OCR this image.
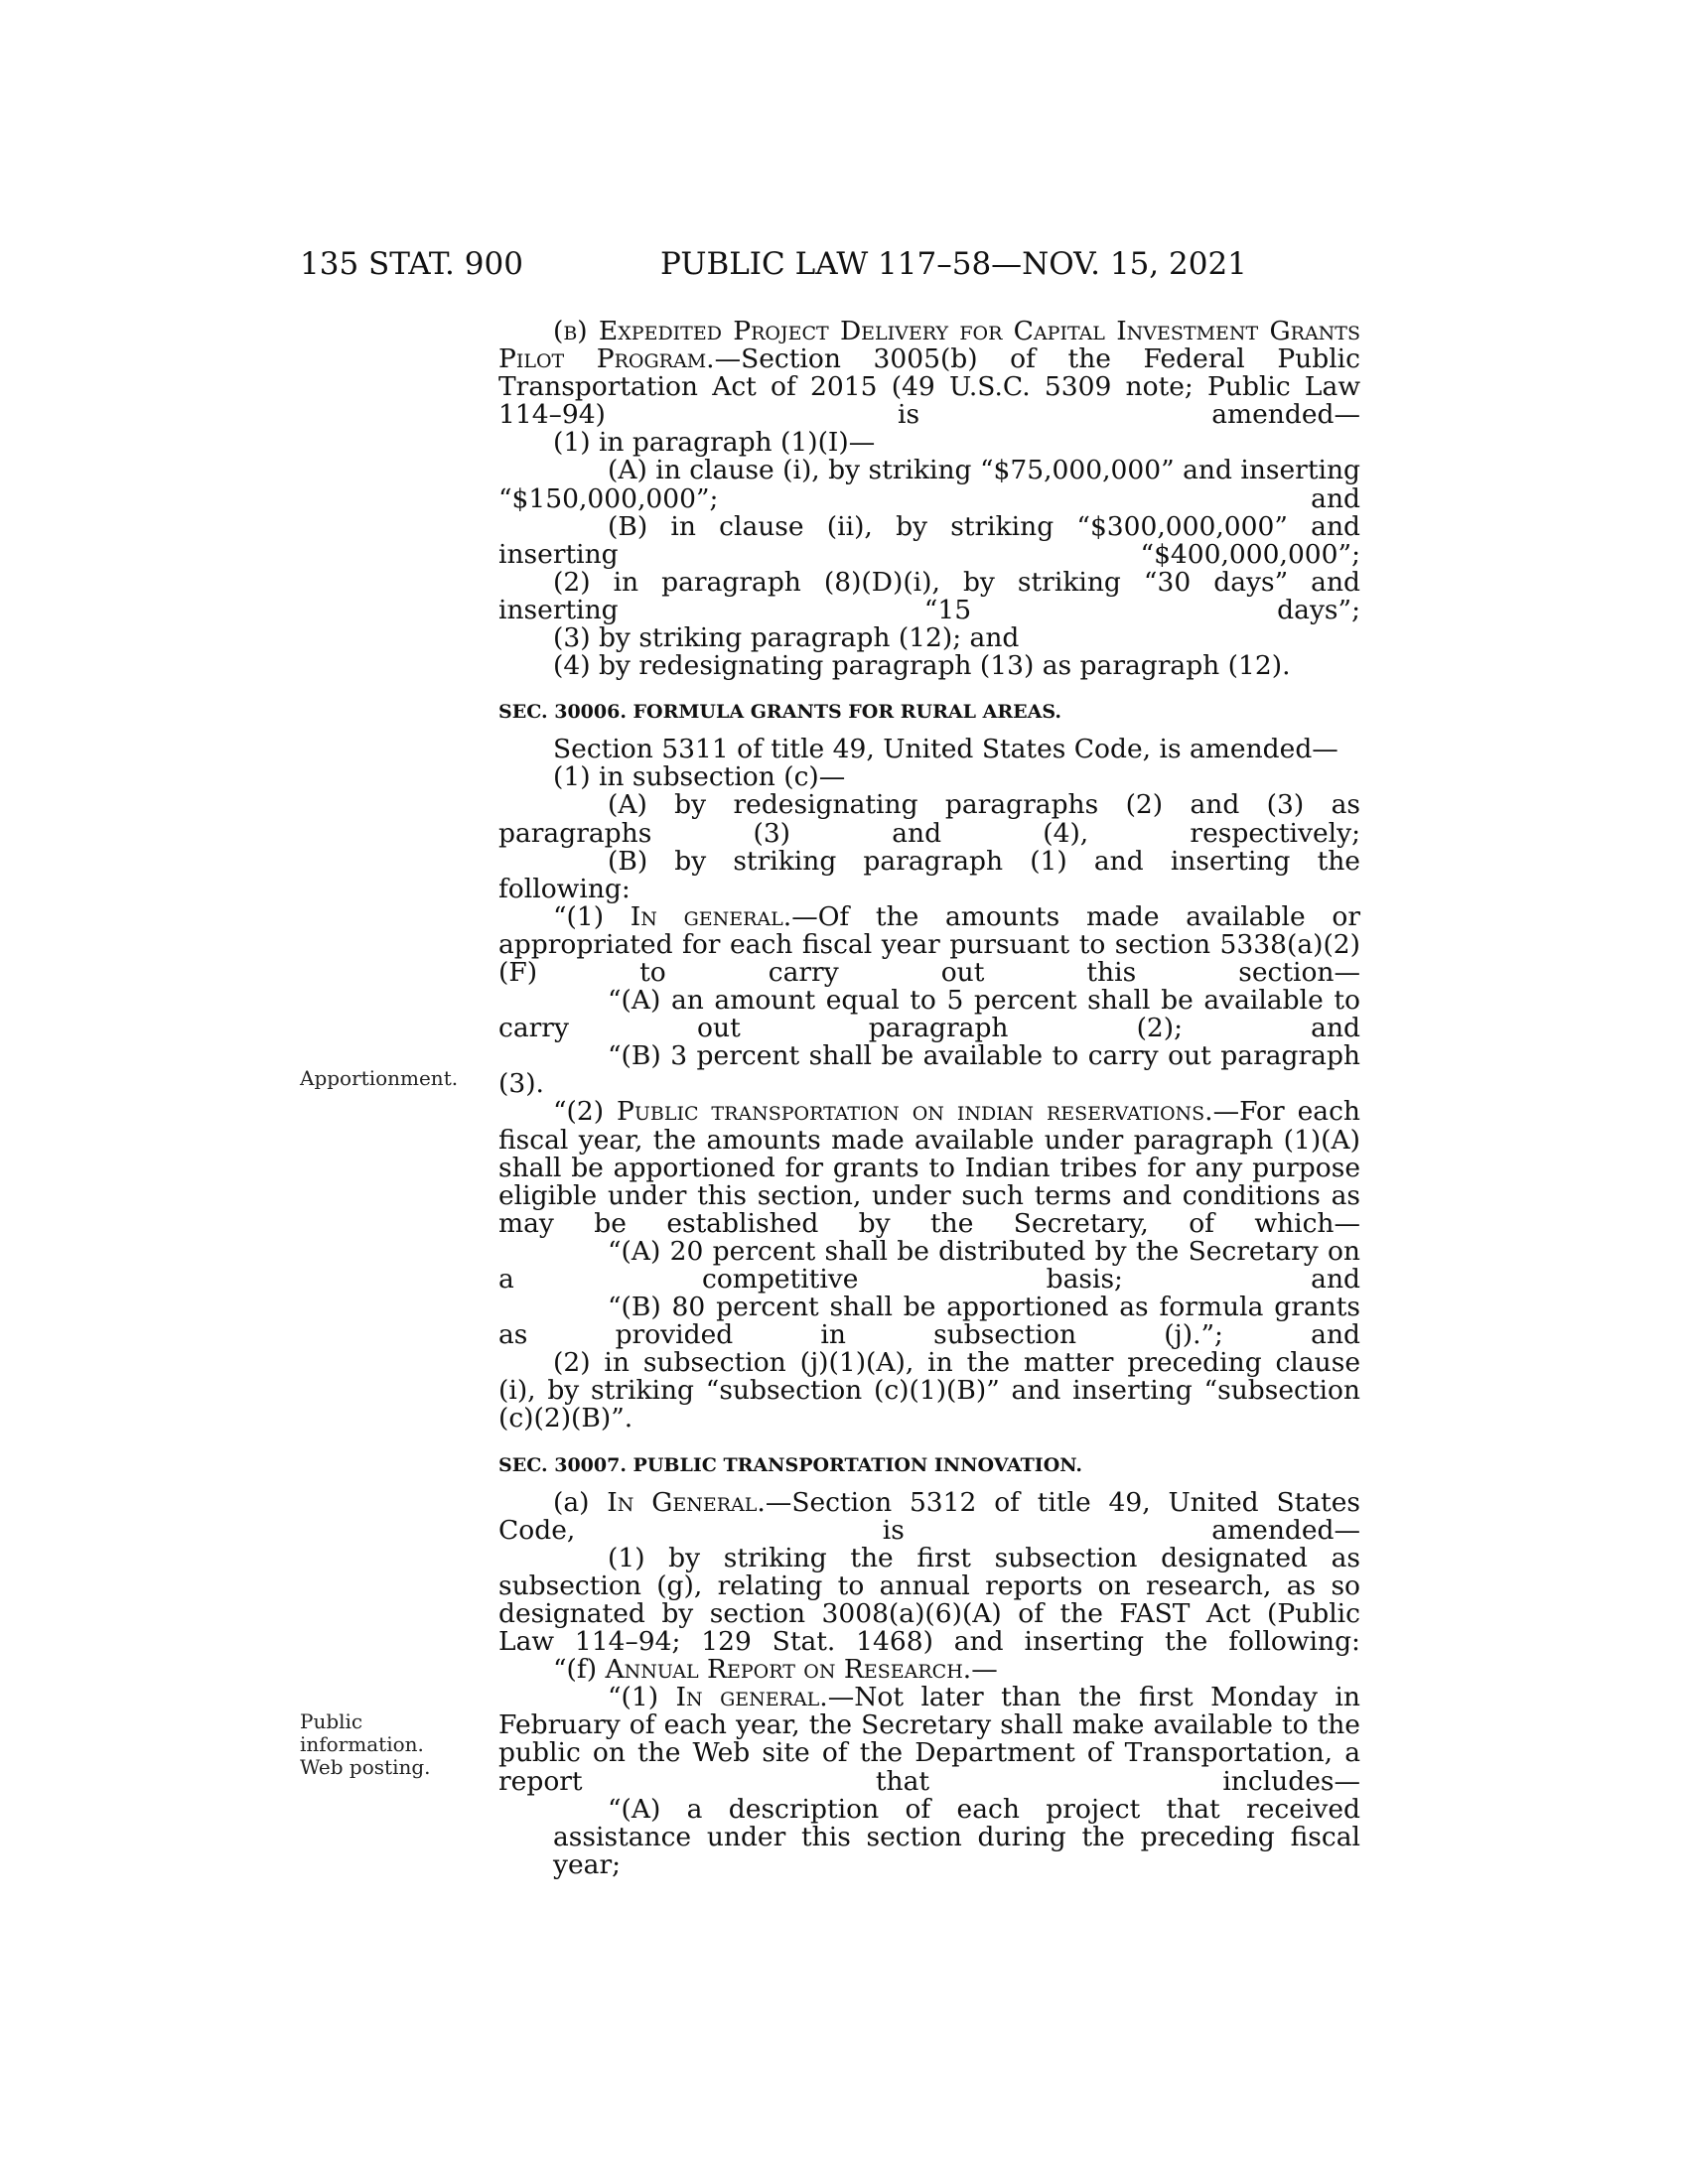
135 STAT. 900	PUBLIC LAW 117–58—NOV. 15, 2021
Apportionment.
Public
information.
Web posting.

(b) Expedited Project Delivery for Capital Investment Grants Pilot Program.—Section 3005(b) of the Federal Public Transportation Act of 2015 (49 U.S.C. 5309 note; Public Law 114–94) is amended—

(1) in paragraph (1)(I)—

(A) in clause (i), by striking “$75,000,000” and inserting “$150,000,000”; and

(B) in clause (ii), by striking “$300,000,000” and inserting “$400,000,000”;

(2) in paragraph (8)(D)(i), by striking “30 days” and inserting “15 days”;

(3) by striking paragraph (12); and

(4) by redesignating paragraph (13) as paragraph (12).

SEC. 30006. FORMULA GRANTS FOR RURAL AREAS.

Section 5311 of title 49, United States Code, is amended—

(1) in subsection (c)—

(A) by redesignating paragraphs (2) and (3) as paragraphs (3) and (4), respectively;

(B) by striking paragraph (1) and inserting the following:

“(1) In general.—Of the amounts made available or appropriated for each fiscal year pursuant to section 5338(a)(2)(F) to carry out this section—

“(A) an amount equal to 5 percent shall be available to carry out paragraph (2); and

“(B) 3 percent shall be available to carry out paragraph (3).

“(2) Public transportation on indian reservations.—For each fiscal year, the amounts made available under paragraph (1)(A) shall be apportioned for grants to Indian tribes for any purpose eligible under this section, under such terms and conditions as may be established by the Secretary, of which—

“(A) 20 percent shall be distributed by the Secretary on a competitive basis; and

“(B) 80 percent shall be apportioned as formula grants as provided in subsection (j).”; and

(2) in subsection (j)(1)(A), in the matter preceding clause (i), by striking “subsection (c)(1)(B)” and inserting “subsection (c)(2)(B)”.

SEC. 30007. PUBLIC TRANSPORTATION INNOVATION.

(a) In General.—Section 5312 of title 49, United States Code, is amended—

(1) by striking the first subsection designated as subsection (g), relating to annual reports on research, as so designated by section 3008(a)(6)(A) of the FAST Act (Public Law 114–94; 129 Stat. 1468) and inserting the following:

“(f) Annual Report on Research.—

“(1) In general.—Not later than the first Monday in February of each year, the Secretary shall make available to the public on the Web site of the Department of Transportation, a report that includes—

“(A) a description of each project that received assistance under this section during the preceding fiscal year;
